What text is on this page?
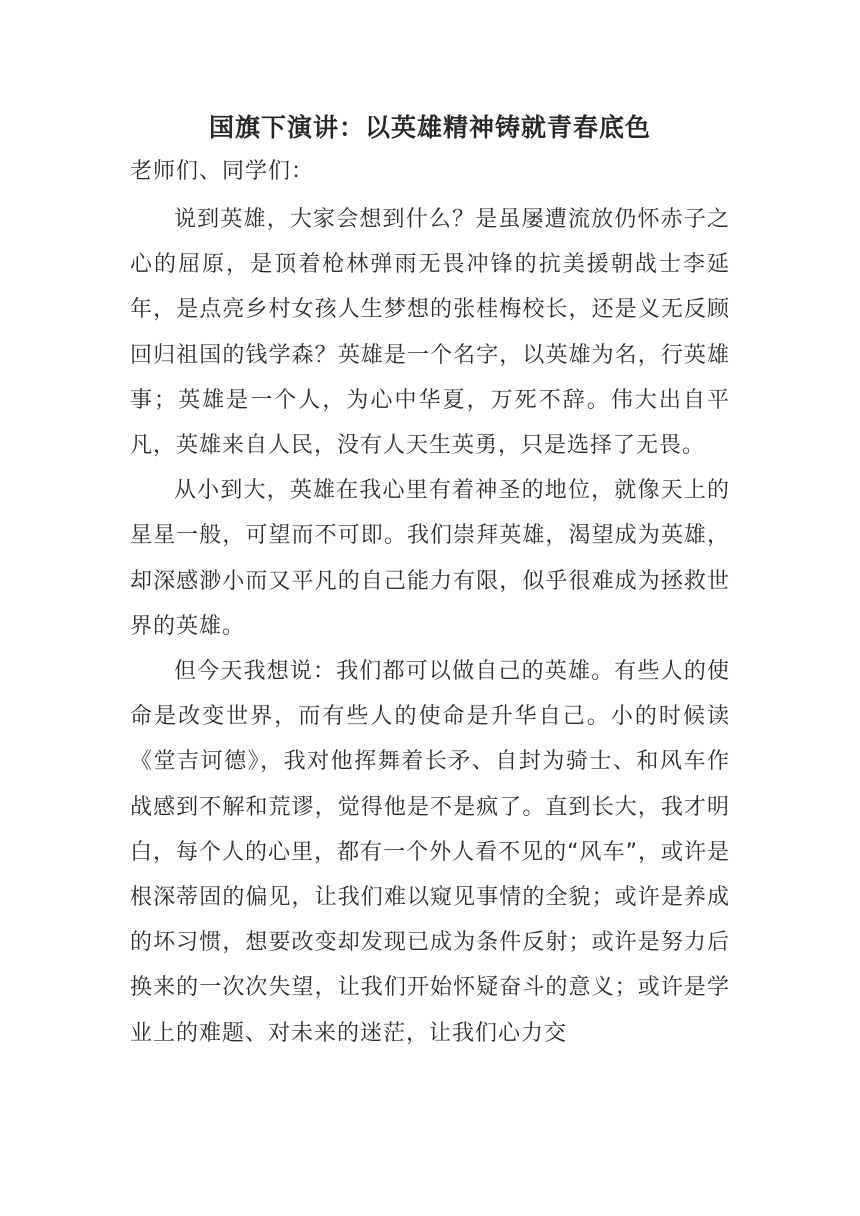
国旗下演讲：以英雄精神铸就青春底色
老师们、同学们：

说到英雄，大家会想到什么？是虽屡遭流放仍怀赤子之心的屈原，是顶着枪林弹雨无畏冲锋的抗美援朝战士李延年，是点亮乡村女孩人生梦想的张桂梅校长，还是义无反顾回归祖国的钱学森？英雄是一个名字，以英雄为名，行英雄事；英雄是一个人，为心中华夏，万死不辞。伟大出自平凡，英雄来自人民，没有人天生英勇，只是选择了无畏。

从小到大，英雄在我心里有着神圣的地位，就像天上的星星一般，可望而不可即。我们崇拜英雄，渴望成为英雄，却深感渺小而又平凡的自己能力有限，似乎很难成为拯救世界的英雄。

但今天我想说：我们都可以做自己的英雄。有些人的使命是改变世界，而有些人的使命是升华自己。小的时候读《堂吉诃德》，我对他挥舞着长矛、自封为骑士、和风车作战感到不解和荒谬，觉得他是不是疯了。直到长大，我才明白，每个人的心里，都有一个外人看不见的“风车”，或许是根深蒂固的偏见，让我们难以窥见事情的全貌；或许是养成的坏习惯，想要改变却发现已成为条件反射；或许是努力后换来的一次次失望，让我们开始怀疑奋斗的意义；或许是学业上的难题、对未来的迷茫，让我们心力交
